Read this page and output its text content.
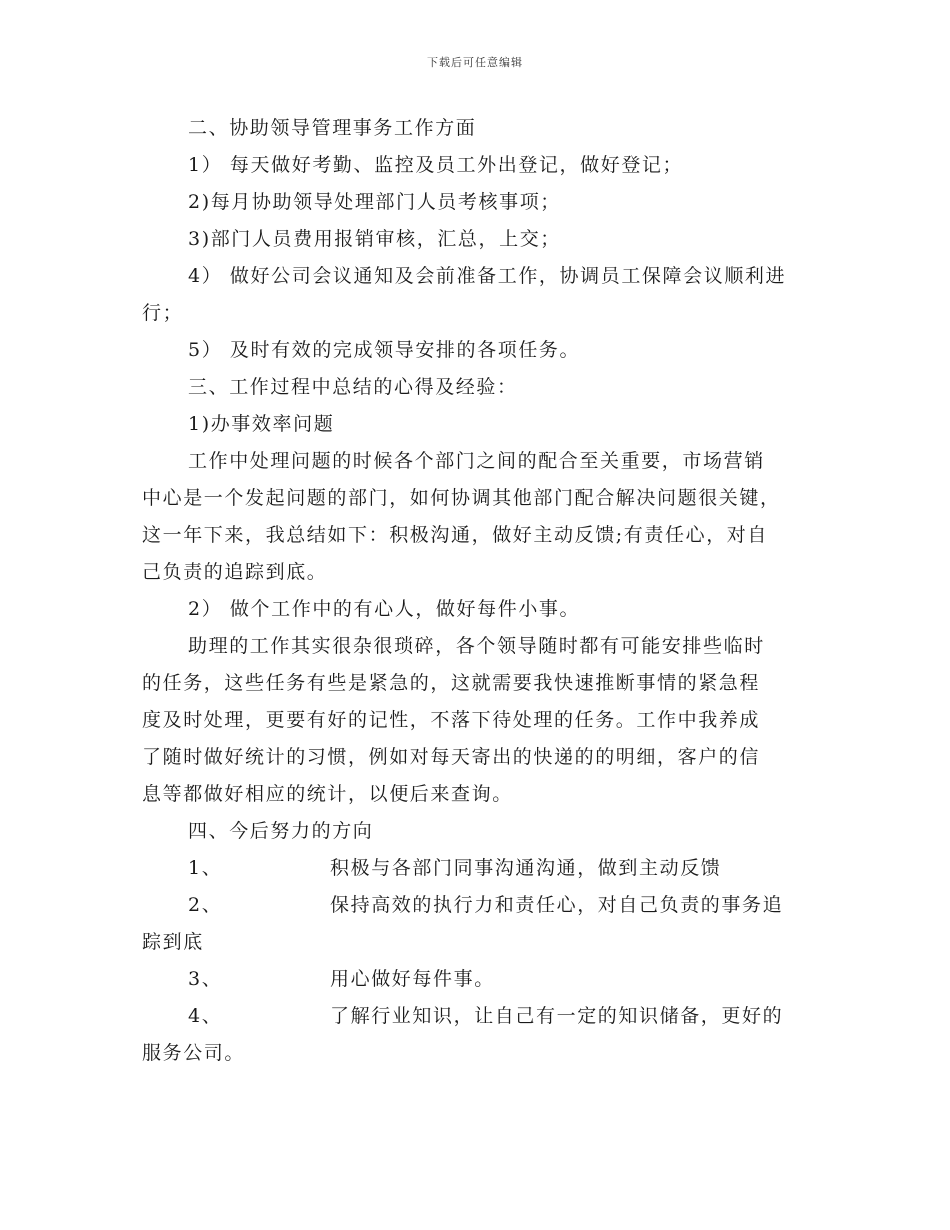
下载后可任意编辑
二、协助领导管理事务工作方面
1） 每天做好考勤、监控及员工外出登记，做好登记；
2)每月协助领导处理部门人员考核事项；
3)部门人员费用报销审核，汇总，上交；
4） 做好公司会议通知及会前准备工作，协调员工保障会议顺利进
行；
5） 及时有效的完成领导安排的各项任务。
三、工作过程中总结的心得及经验：
1)办事效率问题
工作中处理问题的时候各个部门之间的配合至关重要，市场营销
中心是一个发起问题的部门，如何协调其他部门配合解决问题很关键，
这一年下来，我总结如下：积极沟通，做好主动反馈;有责任心，对自
己负责的追踪到底。
2） 做个工作中的有心人，做好每件小事。
助理的工作其实很杂很琐碎，各个领导随时都有可能安排些临时
的任务，这些任务有些是紧急的，这就需要我快速推断事情的紧急程
度及时处理，更要有好的记性，不落下待处理的任务。工作中我养成
了随时做好统计的习惯，例如对每天寄出的快递的的明细，客户的信
息等都做好相应的统计，以便后来查询。
四、今后努力的方向
1、	积极与各部门同事沟通沟通，做到主动反馈
2、	保持高效的执行力和责任心，对自己负责的事务追
踪到底
3、	用心做好每件事。
4、	了解行业知识，让自己有一定的知识储备，更好的
服务公司。
